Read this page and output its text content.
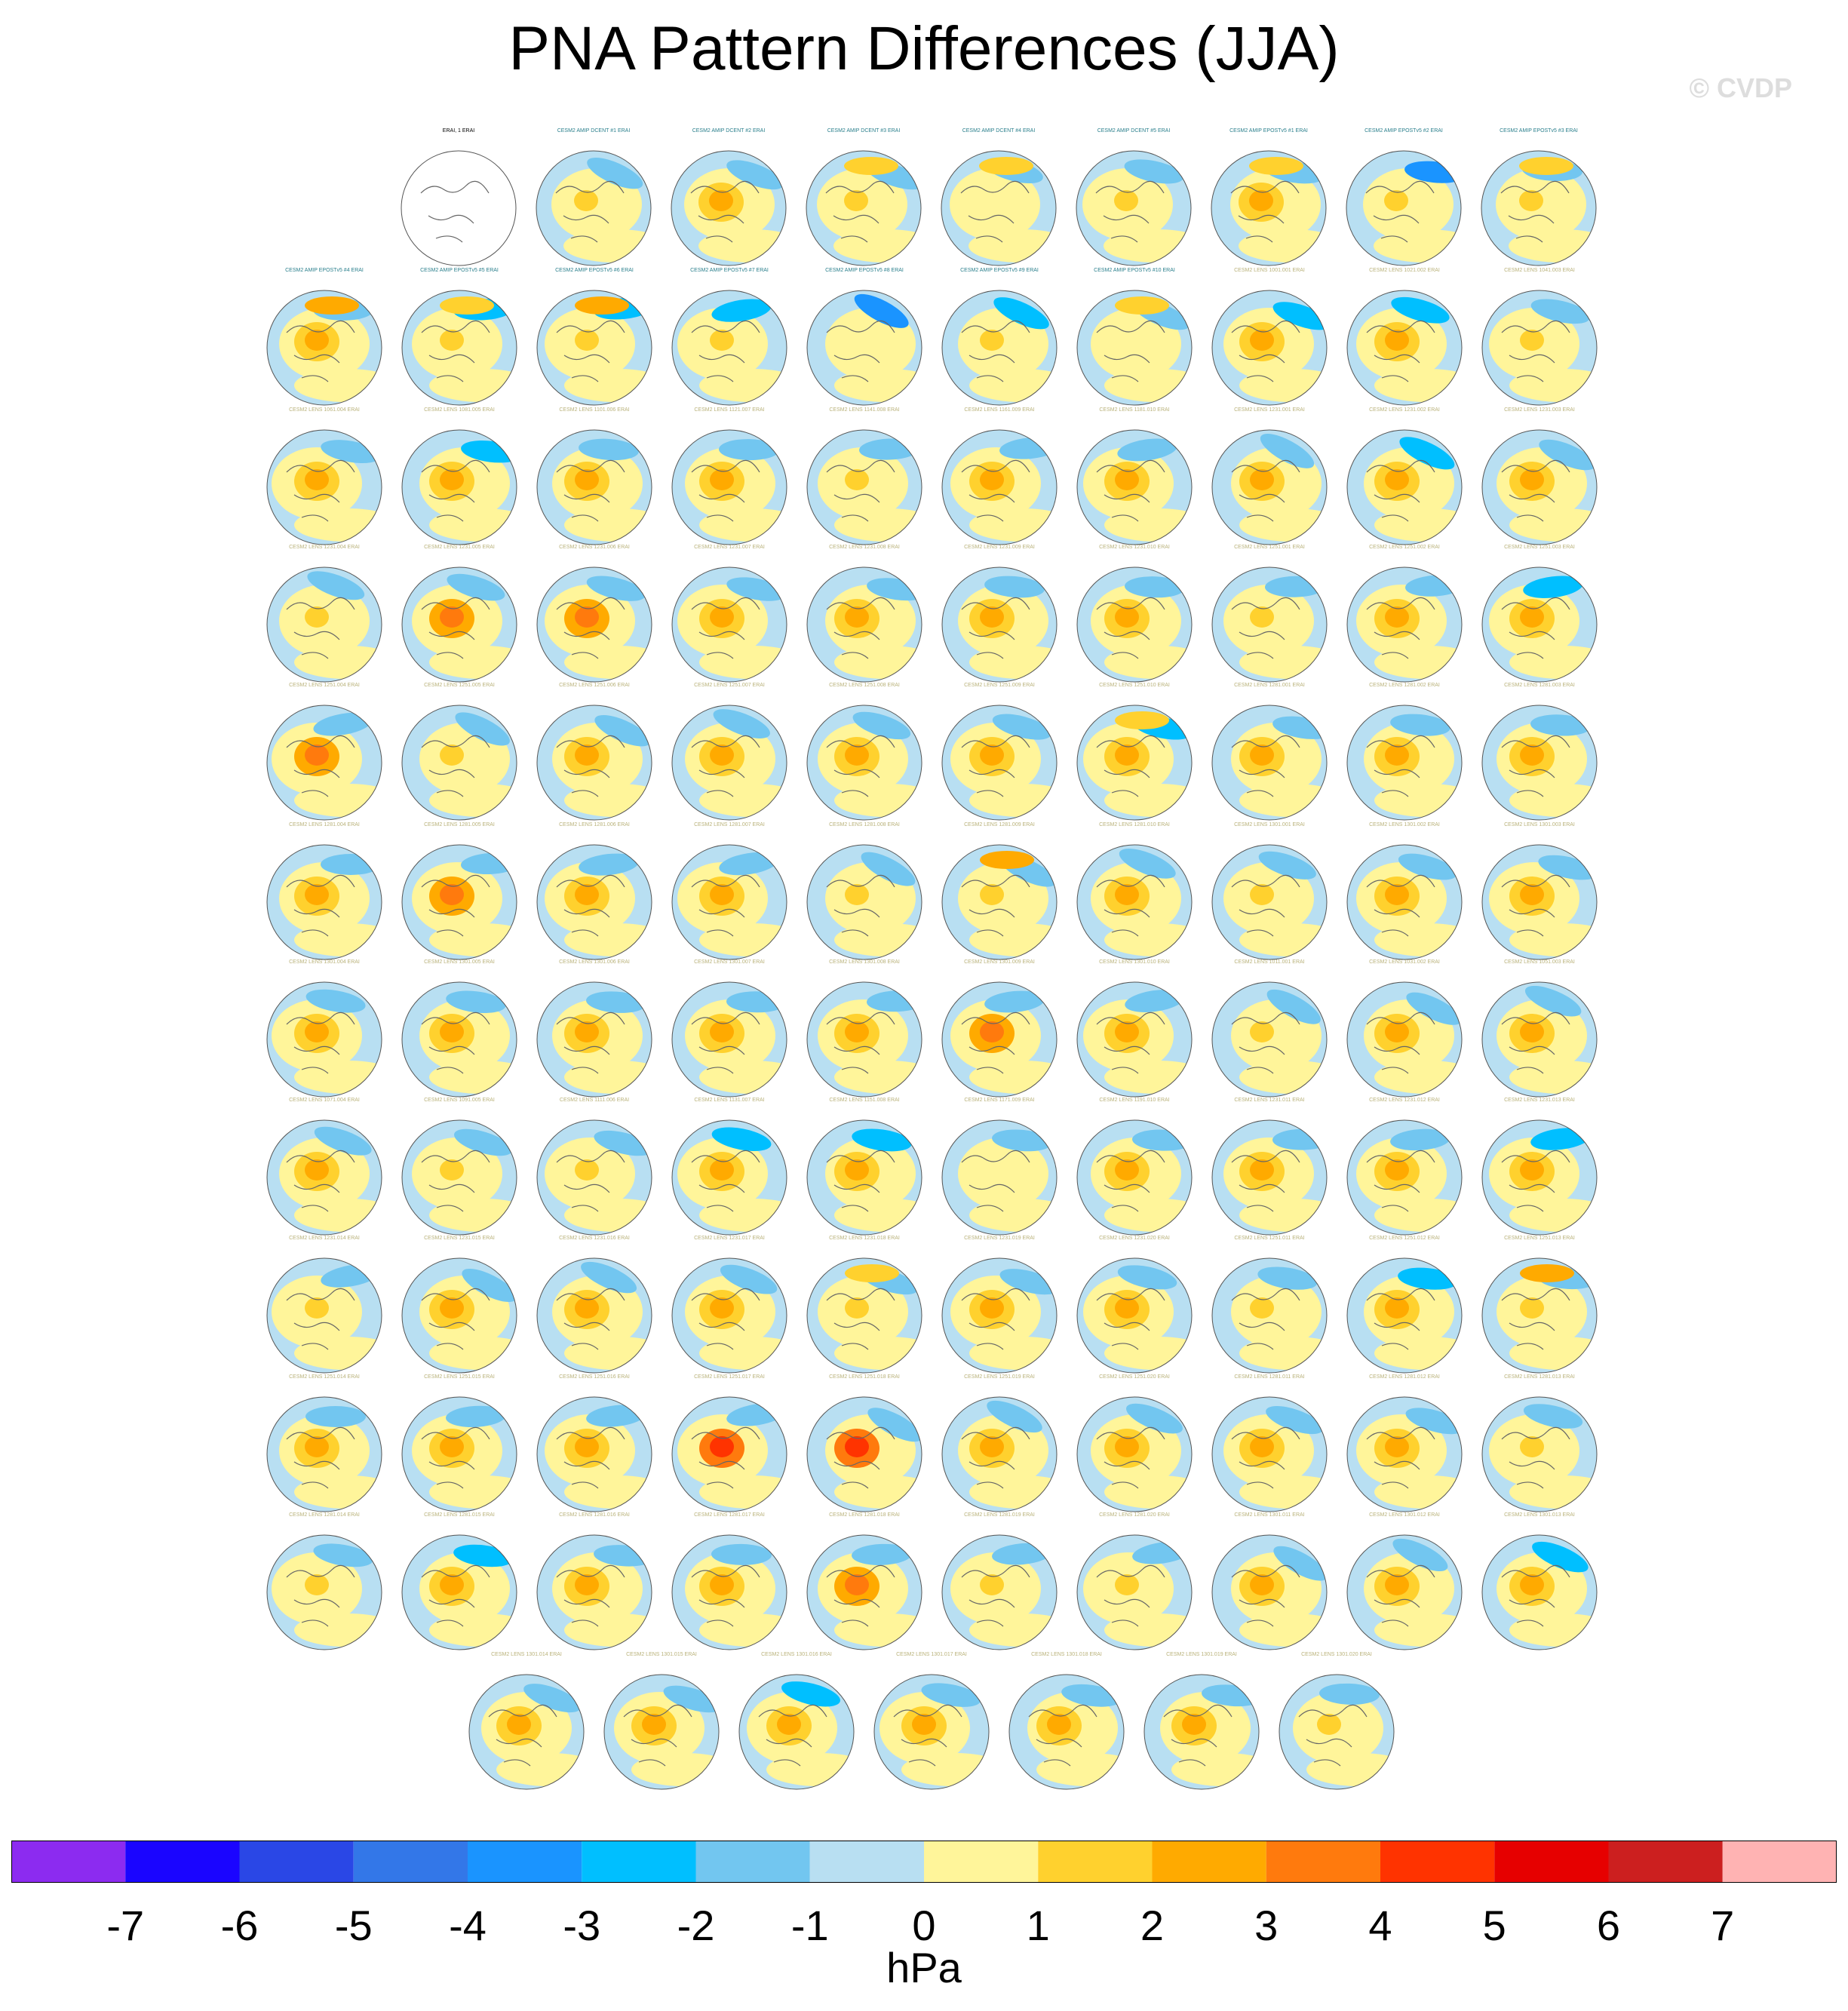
PNA Pattern Differences (JJA)
© CVDP
ERAI, 1 ERAI	CESM2 AMIP DCENT #1 ERAI	CESM2 AMIP DCENT #2 ERAI	CESM2 AMIP DCENT #3 ERAI	CESM2 AMIP DCENT #4 ERAI	CESM2 AMIP DCENT #5 ERAI	CESM2 AMIP EPOSTv5 #1 ERAI	CESM2 AMIP EPOSTv5 #2 ERAI	CESM2 AMIP EPOSTv5 #3 ERAI
CESM2 AMIP EPOSTv5 #4 ERAI	CESM2 AMIP EPOSTv5 #5 ERAI	CESM2 AMIP EPOSTv5 #6 ERAI	CESM2 AMIP EPOSTv5 #7 ERAI	CESM2 AMIP EPOSTv5 #8 ERAI	CESM2 AMIP EPOSTv5 #9 ERAI	CESM2 AMIP EPOSTv5 #10 ERAI	CESM2 LENS 1001.001 ERAI	CESM2 LENS 1021.002 ERAI	CESM2 LENS 1041.003 ERAI
CESM2 LENS 1061.004 ERAI	CESM2 LENS 1081.005 ERAI	CESM2 LENS 1101.006 ERAI	CESM2 LENS 1121.007 ERAI	CESM2 LENS 1141.008 ERAI	CESM2 LENS 1161.009 ERAI	CESM2 LENS 1181.010 ERAI	CESM2 LENS 1231.001 ERAI	CESM2 LENS 1231.002 ERAI	CESM2 LENS 1231.003 ERAI
CESM2 LENS 1231.004 ERAI	CESM2 LENS 1231.005 ERAI	CESM2 LENS 1231.006 ERAI	CESM2 LENS 1231.007 ERAI	CESM2 LENS 1231.008 ERAI	CESM2 LENS 1231.009 ERAI	CESM2 LENS 1231.010 ERAI	CESM2 LENS 1251.001 ERAI	CESM2 LENS 1251.002 ERAI	CESM2 LENS 1251.003 ERAI
CESM2 LENS 1251.004 ERAI	CESM2 LENS 1251.005 ERAI	CESM2 LENS 1251.006 ERAI	CESM2 LENS 1251.007 ERAI	CESM2 LENS 1251.008 ERAI	CESM2 LENS 1251.009 ERAI	CESM2 LENS 1251.010 ERAI	CESM2 LENS 1281.001 ERAI	CESM2 LENS 1281.002 ERAI	CESM2 LENS 1281.003 ERAI
CESM2 LENS 1281.004 ERAI	CESM2 LENS 1281.005 ERAI	CESM2 LENS 1281.006 ERAI	CESM2 LENS 1281.007 ERAI	CESM2 LENS 1281.008 ERAI	CESM2 LENS 1281.009 ERAI	CESM2 LENS 1281.010 ERAI	CESM2 LENS 1301.001 ERAI	CESM2 LENS 1301.002 ERAI	CESM2 LENS 1301.003 ERAI
CESM2 LENS 1301.004 ERAI	CESM2 LENS 1301.005 ERAI	CESM2 LENS 1301.006 ERAI	CESM2 LENS 1301.007 ERAI	CESM2 LENS 1301.008 ERAI	CESM2 LENS 1301.009 ERAI	CESM2 LENS 1301.010 ERAI	CESM2 LENS 1011.001 ERAI	CESM2 LENS 1031.002 ERAI	CESM2 LENS 1051.003 ERAI
CESM2 LENS 1071.004 ERAI	CESM2 LENS 1091.005 ERAI	CESM2 LENS 1111.006 ERAI	CESM2 LENS 1131.007 ERAI	CESM2 LENS 1151.008 ERAI	CESM2 LENS 1171.009 ERAI	CESM2 LENS 1191.010 ERAI	CESM2 LENS 1231.011 ERAI	CESM2 LENS 1231.012 ERAI	CESM2 LENS 1231.013 ERAI
CESM2 LENS 1231.014 ERAI	CESM2 LENS 1231.015 ERAI	CESM2 LENS 1231.016 ERAI	CESM2 LENS 1231.017 ERAI	CESM2 LENS 1231.018 ERAI	CESM2 LENS 1231.019 ERAI	CESM2 LENS 1231.020 ERAI	CESM2 LENS 1251.011 ERAI	CESM2 LENS 1251.012 ERAI	CESM2 LENS 1251.013 ERAI
CESM2 LENS 1251.014 ERAI	CESM2 LENS 1251.015 ERAI	CESM2 LENS 1251.016 ERAI	CESM2 LENS 1251.017 ERAI	CESM2 LENS 1251.018 ERAI	CESM2 LENS 1251.019 ERAI	CESM2 LENS 1251.020 ERAI	CESM2 LENS 1281.011 ERAI	CESM2 LENS 1281.012 ERAI	CESM2 LENS 1281.013 ERAI
CESM2 LENS 1281.014 ERAI	CESM2 LENS 1281.015 ERAI	CESM2 LENS 1281.016 ERAI	CESM2 LENS 1281.017 ERAI	CESM2 LENS 1281.018 ERAI	CESM2 LENS 1281.019 ERAI	CESM2 LENS 1281.020 ERAI	CESM2 LENS 1301.011 ERAI	CESM2 LENS 1301.012 ERAI	CESM2 LENS 1301.013 ERAI
CESM2 LENS 1301.014 ERAI	CESM2 LENS 1301.015 ERAI	CESM2 LENS 1301.016 ERAI	CESM2 LENS 1301.017 ERAI	CESM2 LENS 1301.018 ERAI	CESM2 LENS 1301.019 ERAI	CESM2 LENS 1301.020 ERAI
-7	-6	-5	-4	-3	-2	-1	0	1	2	3	4	5	6	7
hPa
